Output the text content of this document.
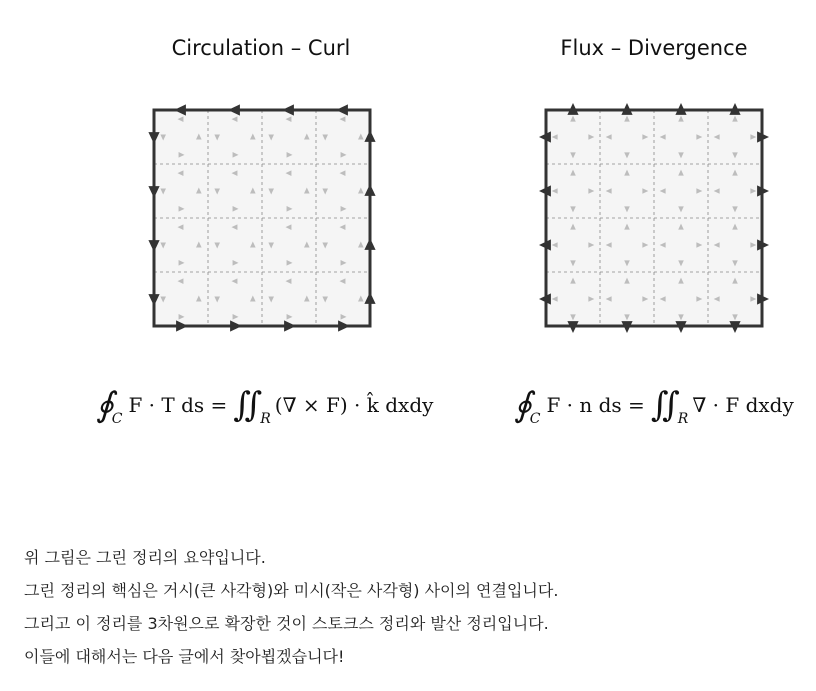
Circulation – Curl	Flux – Divergence
∮
C
F · T ds = ∬
R
(∇ × F) · k̂ dxdy ∮
C
F · n ds = ∬
R
∇ · F dxdy

위 그림은 그린 정리의 요약입니다.

그린 정리의 핵심은 거시(큰 사각형)와 미시(작은 사각형) 사이의 연결입니다.

그리고 이 정리를 3차원으로 확장한 것이 스토크스 정리와 발산 정리입니다.

이들에 대해서는 다음 글에서 찾아뵙겠습니다!
